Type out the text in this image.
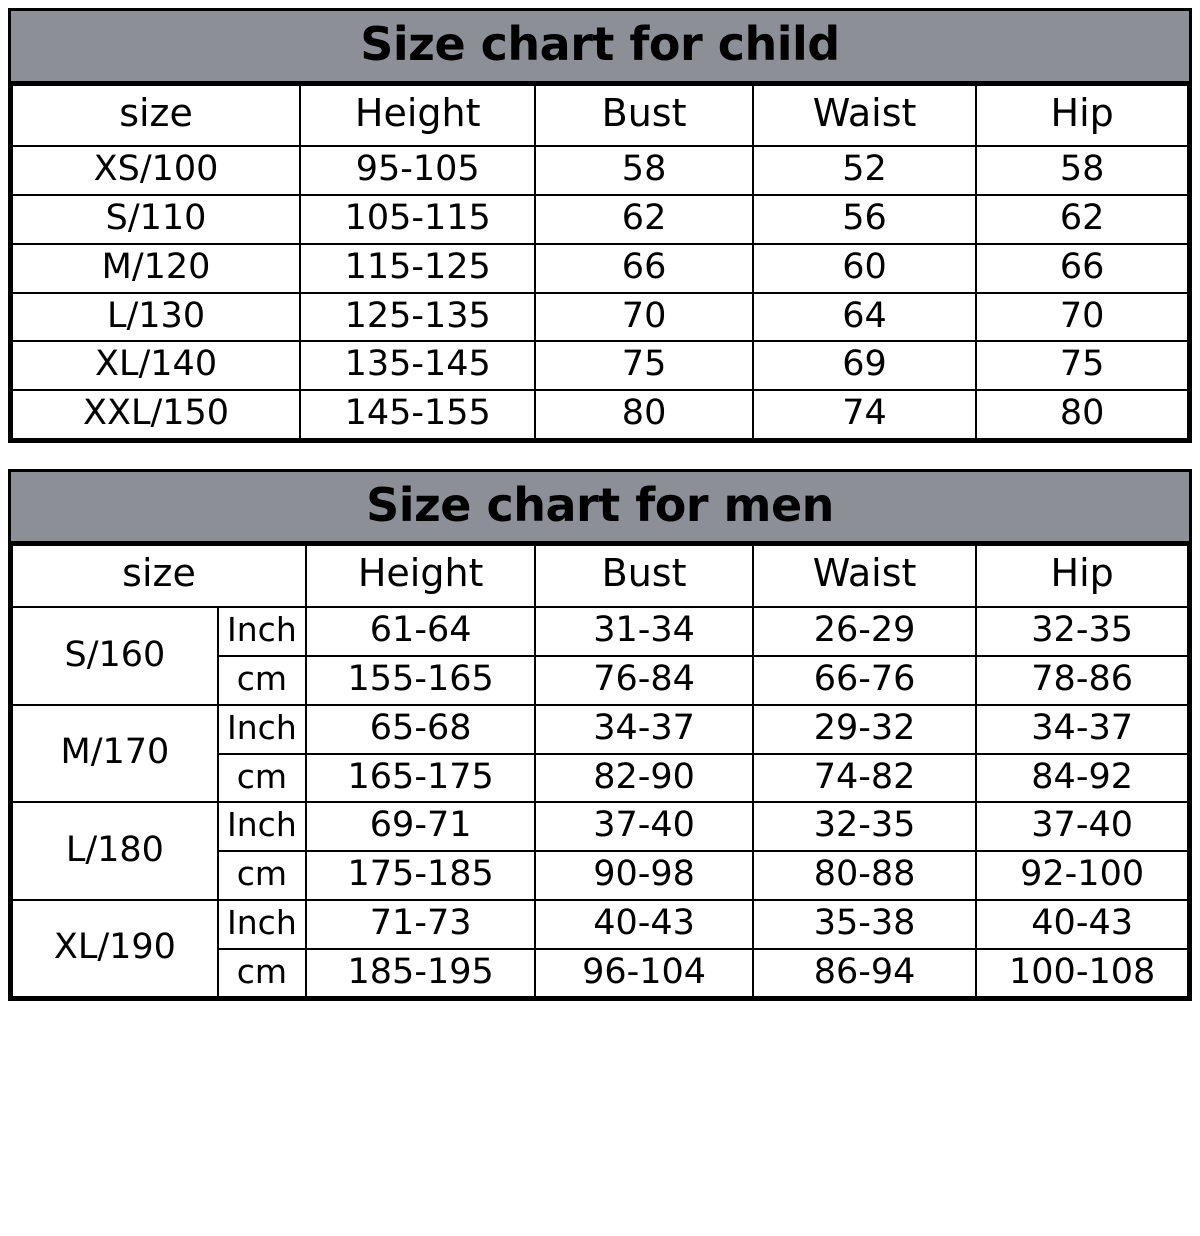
Size chart for child
size	Height	Bust	Waist	Hip
XS/100	95-105	58	52	58
S/110	105-115	62	56	62
M/120	115-125	66	60	66
L/130	125-135	70	64	70
XL/140	135-145	75	69	75
XXL/150	145-155	80	74	80
Size chart for men
size		Height	Bust	Waist	Hip
S/160	Inch	61-64	31-34	26-29	32-35
	cm	155-165	76-84	66-76	78-86
M/170	Inch	65-68	34-37	29-32	34-37
	cm	165-175	82-90	74-82	84-92
L/180	Inch	69-71	37-40	32-35	37-40
	cm	175-185	90-98	80-88	92-100
XL/190	Inch	71-73	40-43	35-38	40-43
	cm	185-195	96-104	86-94	100-108
